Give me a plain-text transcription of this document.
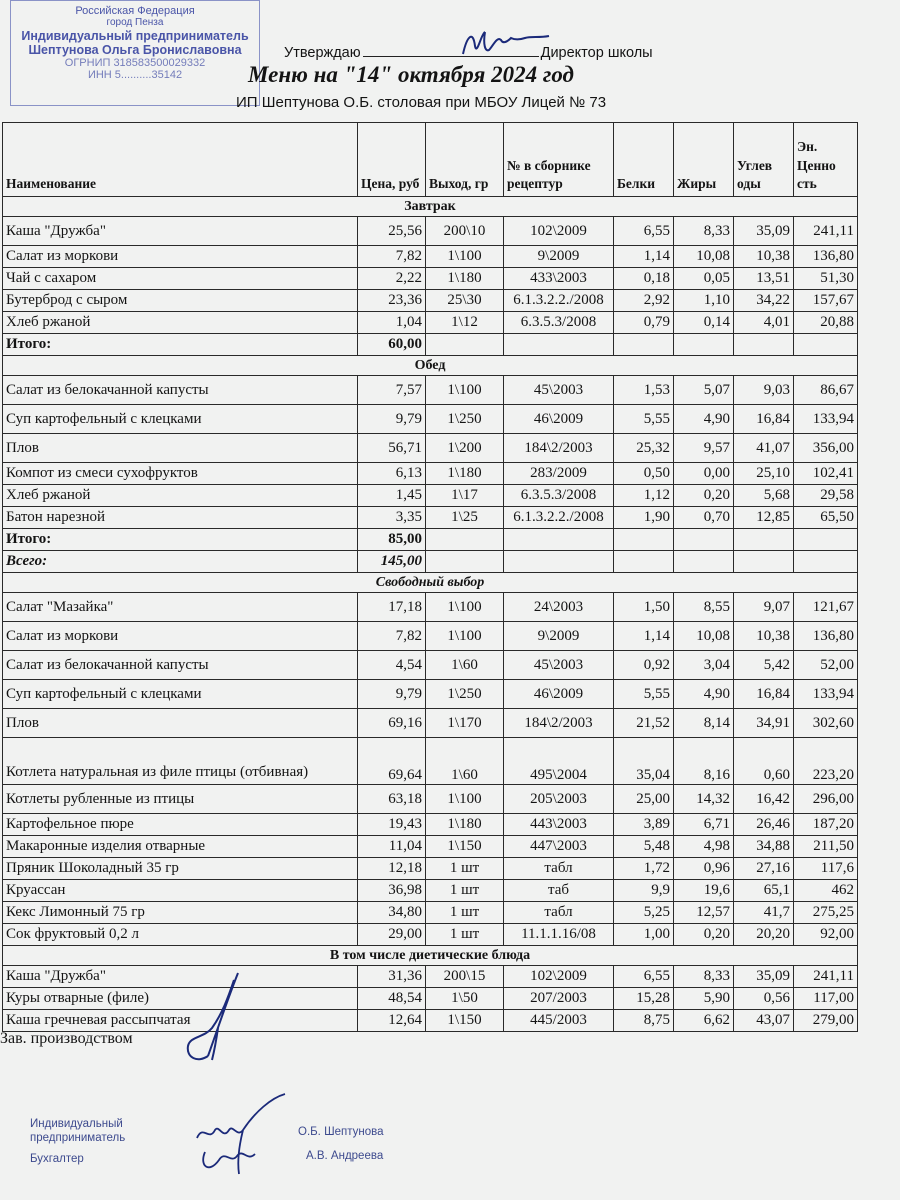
Российская Федерация
город Пенза
Индивидуальный предприниматель
Шептунова Ольга Брониславовна
ОГРНИП 318583500029332
ИНН 5..........35142
Утверждаю	Директор школы
Меню на "14" октября 2024 год
ИП Шептунова О.Б. столовая при МБОУ Лицей № 73
Наименование	Цена, руб	Выход, гр	№ в сборнике рецептур	Белки	Жиры	Углев оды	Эн. Ценно сть
Завтрак							
Каша "Дружба"	25,56	200\10	102\2009	6,55	8,33	35,09	241,11
Салат из моркови	7,82	1\100	9\2009	1,14	10,08	10,38	136,80
Чай с сахаром	2,22	1\180	433\2003	0,18	0,05	13,51	51,30
Бутерброд с сыром	23,36	25\30	6.1.3.2.2./2008	2,92	1,10	34,22	157,67
Хлеб ржаной	1,04	1\12	6.3.5.3/2008	0,79	0,14	4,01	20,88
Итого:	60,00						
Обед							
Салат из белокачанной капусты	7,57	1\100	45\2003	1,53	5,07	9,03	86,67
Суп картофельный с клецками	9,79	1\250	46\2009	5,55	4,90	16,84	133,94
Плов	56,71	1\200	184\2/2003	25,32	9,57	41,07	356,00
Компот из смеси сухофруктов	6,13	1\180	283/2009	0,50	0,00	25,10	102,41
Хлеб ржаной	1,45	1\17	6.3.5.3/2008	1,12	0,20	5,68	29,58
Батон нарезной	3,35	1\25	6.1.3.2.2./2008	1,90	0,70	12,85	65,50
Итого:	85,00						
Всего:	145,00						
Свободный выбор							
Салат "Мазайка"	17,18	1\100	24\2003	1,50	8,55	9,07	121,67
Салат из моркови	7,82	1\100	9\2009	1,14	10,08	10,38	136,80
Салат из белокачанной капусты	4,54	1\60	45\2003	0,92	3,04	5,42	52,00
Суп картофельный с клецками	9,79	1\250	46\2009	5,55	4,90	16,84	133,94
Плов	69,16	1\170	184\2/2003	21,52	8,14	34,91	302,60
Котлета натуральная из филе птицы (отбивная)	69,64	1\60	495\2004	35,04	8,16	0,60	223,20
Котлеты рубленные из птицы	63,18	1\100	205\2003	25,00	14,32	16,42	296,00
Картофельное пюре	19,43	1\180	443\2003	3,89	6,71	26,46	187,20
Макаронные изделия отварные	11,04	1\150	447\2003	5,48	4,98	34,88	211,50
Пряник Шоколадный 35 гр	12,18	1 шт	табл	1,72	0,96	27,16	117,6
Круассан	36,98	1 шт	таб	9,9	19,6	65,1	462
Кекс Лимонный 75 гр	34,80	1 шт	табл	5,25	12,57	41,7	275,25
Сок фруктовый 0,2 л	29,00	1 шт	11.1.1.16/08	1,00	0,20	20,20	92,00
В том числе диетические блюда							
Каша "Дружба"	31,36	200\15	102\2009	6,55	8,33	35,09	241,11
Куры отварные (филе)	48,54	1\50	207/2003	15,28	5,90	0,56	117,00
Каша гречневая рассыпчатая	12,64	1\150	445/2003	8,75	6,62	43,07	279,00
Зав. производством
Индивидуальный предприниматель	О.Б. Шептунова
Бухгалтер	А.В. Андреева
